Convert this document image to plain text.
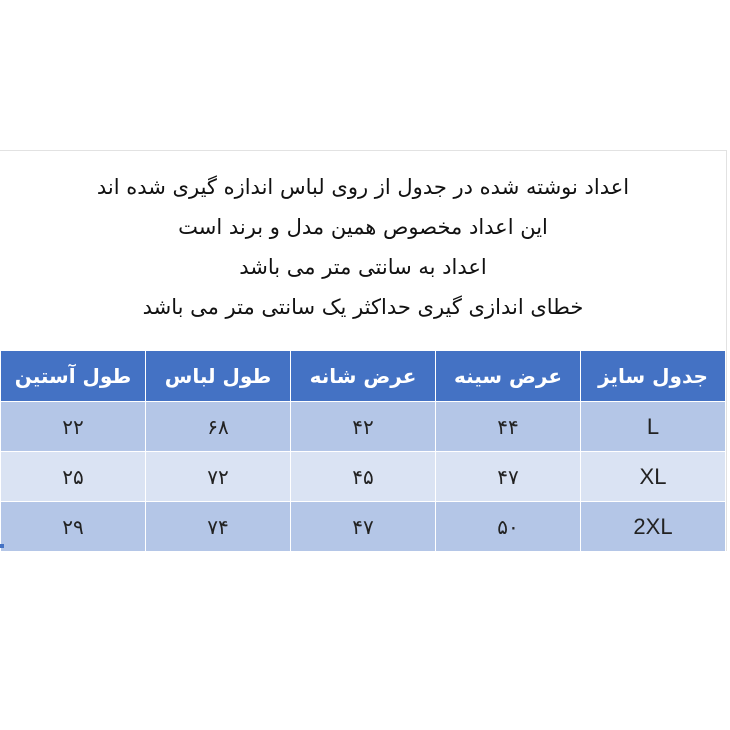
اعداد نوشته شده در جدول از روی لباس اندازه گیری شده اند
این اعداد مخصوص همین مدل و برند است
اعداد به سانتی متر می باشد
خطای اندازی گیری حداکثر یک سانتی متر می باشد
جدول سایز	عرض سینه	عرض شانه	طول لباس	طول آستین
L	۴۴	۴۲	۶۸	۲۲
XL	۴۷	۴۵	۷۲	۲۵
2XL	۵۰	۴۷	۷۴	۲۹
